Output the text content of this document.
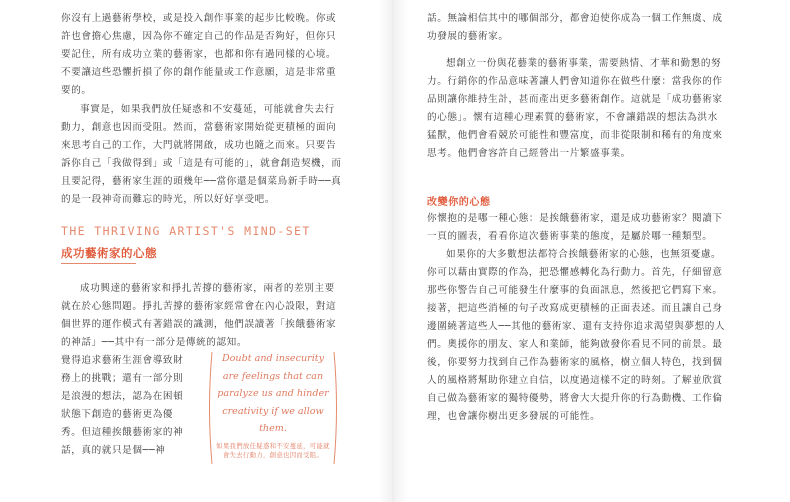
你沒有上過藝術學校，或是投入創作事業的起步比較晚。你或許也會擔心焦慮，因為你不確定自己的作品是否夠好，但你只要記住，所有成功立業的藝術家，也都和你有過同樣的心境。不要讓這些恐懼折損了你的創作能量或工作意願，這是非常重要的。

事實是，如果我們放任疑惑和不安蔓延，可能就會失去行動力，創意也因而受阻。然而，當藝術家開始從更積極的面向來思考自己的工作，大門就將開啟，成功也隨之而來。只要告訴你自己「我做得到」或「這是有可能的」，就會創造契機，而且要記得，藝術家生涯的頭幾年──當你還是個菜鳥新手時──真的是一段神奇而難忘的時光，所以好好享受吧。

THE THRIVING ARTIST'S MIND-SET
成功藝術家的心態

成功興達的藝術家和掙扎苦撐的藝術家，兩者的差別主要就在於心態問題。掙扎苦撐的藝術家經常會在內心設限，對這個世界的運作模式有著錯誤的識測，他們誤讀著「挨餓藝術家的神話」──其中有一部分是傳統的認知。

覺得追求藝術生涯會導致財務上的挑戰；還有一部分則是浪漫的想法，認為在困頓狀態下創造的藝術更為優秀。但這種挨餓藝術家的神話，真的就只是個──神

Doubt and insecurity are feelings that can paralyze us and hinder creativity if we allow them.

如果我們放任疑惑和不安蔓延，可能就會失去行動力，創意也因而受阻。

話。無論相信其中的哪個部分，都會迫使你成為一個工作無虞、成功發展的藝術家。

想創立一份與花藝業的藝術事業，需要熱情、才華和勤懇的努力。行銷你的作品意味著讓人們會知道你在做些什麼：當我你的作品則讓你維持生計，甚而產出更多藝術創作。這就是「成功藝術家的心態」。懷有這種心理素質的藝術家，不會讓錯誤的想法為洪水猛獸，他們會看競於可能性和豐富度，而非從限制和稀有的角度來思考。他們會容許自己經營出一片繁盛事業。

改變你的心態

你懷抱的是哪一種心態：是挨餓藝術家，還是成功藝術家？閱讀下一頁的圖表，看看你這次藝術事業的態度，是屬於哪一種類型。

如果你的大多數想法都符合挨餓藝術家的心態，也無須憂慮。你可以藉由實際的作為，把恐懼感轉化為行動力。首先，仔細留意那些你警告自己可能發生什麼事的負面訊息，然後把它們寫下來。接著，把這些消極的句子改寫成更積極的正面表述。而且讓自己身邊圍繞著這些人──其他的藝術家、還有支持你追求渴望與夢想的人們。奧援你的朋友、家人和業師，能夠啟發你看見不同的前景。最後，你要努力找到自己作為藝術家的風格，樹立個人特色，找到個人的風格將幫助你建立自信，以度過這樣不定的時刻。了解並欣賞自己做為藝術家的獨特優勢，將會大大提升你的行為動機、工作倫理，也會讓你樹出更多發展的可能性。
